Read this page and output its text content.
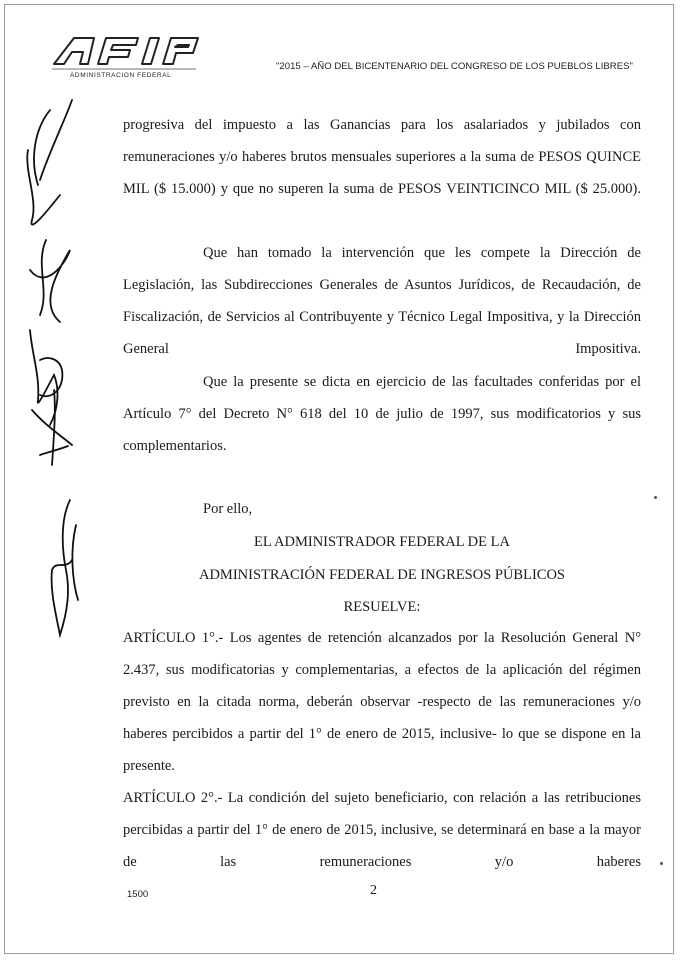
ADMINISTRACION FEDERAL
"2015 – AÑO DEL BICENTENARIO DEL CONGRESO DE LOS PUEBLOS LIBRES"

progresiva del impuesto a las Ganancias para los asalariados y jubilados con remuneraciones y/o haberes brutos mensuales superiores a la suma de PESOS QUINCE MIL ($ 15.000) y que no superen la suma de PESOS VEINTICINCO MIL ($ 25.000).

Que han tomado la intervención que les compete la Dirección de Legislación, las Subdirecciones Generales de Asuntos Jurídicos, de Recaudación, de Fiscalización, de Servicios al Contribuyente y Técnico Legal Impositiva, y la Dirección General Impositiva.

Que la presente se dicta en ejercicio de las facultades conferidas por el Artículo 7° del Decreto N° 618 del 10 de julio de 1997, sus modificatorios y sus complementarios.

Por ello,

EL ADMINISTRADOR FEDERAL DE LA

ADMINISTRACIÓN FEDERAL DE INGRESOS PÚBLICOS

RESUELVE:

ARTÍCULO 1°.- Los agentes de retención alcanzados por la Resolución General N° 2.437, sus modificatorias y complementarias, a efectos de la aplicación del régimen previsto en la citada norma, deberán observar -respecto de las remuneraciones y/o haberes percibidos a partir del 1° de enero de 2015, inclusive- lo que se dispone en la presente.

ARTÍCULO 2°.- La condición del sujeto beneficiario, con relación a las retribuciones percibidas a partir del 1° de enero de 2015, inclusive, se determinará en base a la mayor de las remuneraciones y/o haberes

1500	2
